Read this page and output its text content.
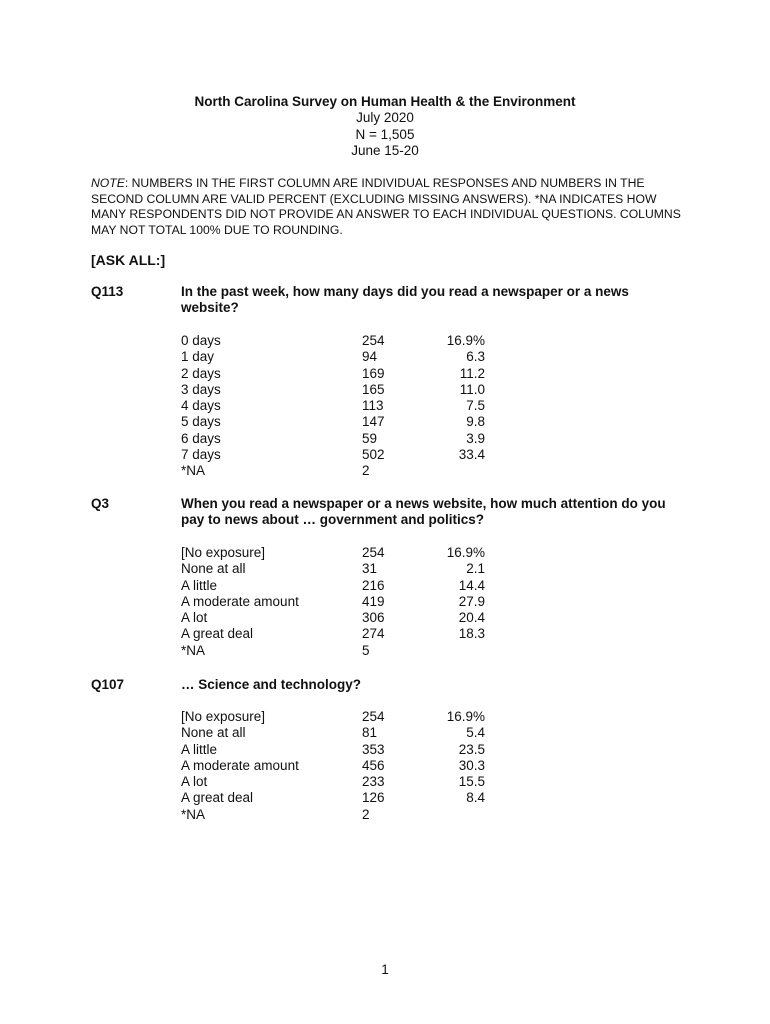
North Carolina Survey on Human Health & the Environment
July 2020
N = 1,505
June 15-20
NOTE: NUMBERS IN THE FIRST COLUMN ARE INDIVIDUAL RESPONSES AND NUMBERS IN THE SECOND COLUMN ARE VALID PERCENT (EXCLUDING MISSING ANSWERS). *NA INDICATES HOW MANY RESPONDENTS DID NOT PROVIDE AN ANSWER TO EACH INDIVIDUAL QUESTIONS. COLUMNS MAY NOT TOTAL 100% DUE TO ROUNDING.
[ASK ALL:]
Q113	In the past week, how many days did you read a newspaper or a news website?
0 days	254	16.9%
1 day	94	6.3
2 days	169	11.2
3 days	165	11.0
4 days	113	7.5
5 days	147	9.8
6 days	59	3.9
7 days	502	33.4
*NA	2
Q3	When you read a newspaper or a news website, how much attention do you pay to news about … government and politics?
[No exposure]	254	16.9%
None at all	31	2.1
A little	216	14.4
A moderate amount	419	27.9
A lot	306	20.4
A great deal	274	18.3
*NA	5
Q107	… Science and technology?
[No exposure]	254	16.9%
None at all	81	5.4
A little	353	23.5
A moderate amount	456	30.3
A lot	233	15.5
A great deal	126	8.4
*NA	2
1
